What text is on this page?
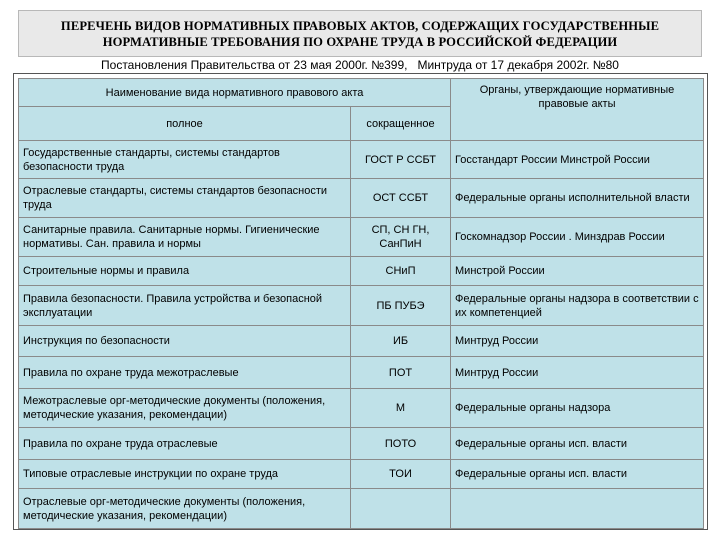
ПЕРЕЧЕНЬ ВИДОВ НОРМАТИВНЫХ ПРАВОВЫХ АКТОВ, СОДЕРЖАЩИХ ГОСУДАРСТВЕННЫЕ
НОРМАТИВНЫЕ ТРЕБОВАНИЯ ПО ОХРАНЕ ТРУДА В РОССИЙСКОЙ ФЕДЕРАЦИИ
Постановления Правительства от 23 мая 2000г. №399,   Минтруда от 17 декабря 2002г. №80
Наименование вида нормативного правового акта		Органы, утверждающие нормативные правовые акты
полное	сокращенное	
Государственные стандарты, системы стандартов безопасности труда	ГОСТ Р ССБТ	Госстандарт России Минстрой России
Отраслевые стандарты, системы стандартов безопасности труда	ОСТ ССБТ	Федеральные органы исполнительной власти
Санитарные правила. Санитарные нормы. Гигиенические нормативы. Сан. правила и нормы	СП, СН ГН, СанПиН	Госкомнадзор России . Минздрав России
Строительные нормы и правила	СНиП	Минстрой России
Правила безопасности. Правила устройства и безопасной эксплуатации	ПБ ПУБЭ	Федеральные органы надзора в соответствии с их компетенцией
Инструкция по безопасности	ИБ	Минтруд России
Правила по охране труда межотраслевые	ПОТ	Минтруд России
Межотраслевые орг-методические документы (положения, методические указания, рекомендации)	М	Федеральные органы надзора
Правила по охране труда отраслевые	ПОТО	Федеральные органы исп. власти
Типовые отраслевые инструкции по охране труда	ТОИ	Федеральные органы исп. власти
Отраслевые орг-методические документы (положения, методические указания, рекомендации)		
